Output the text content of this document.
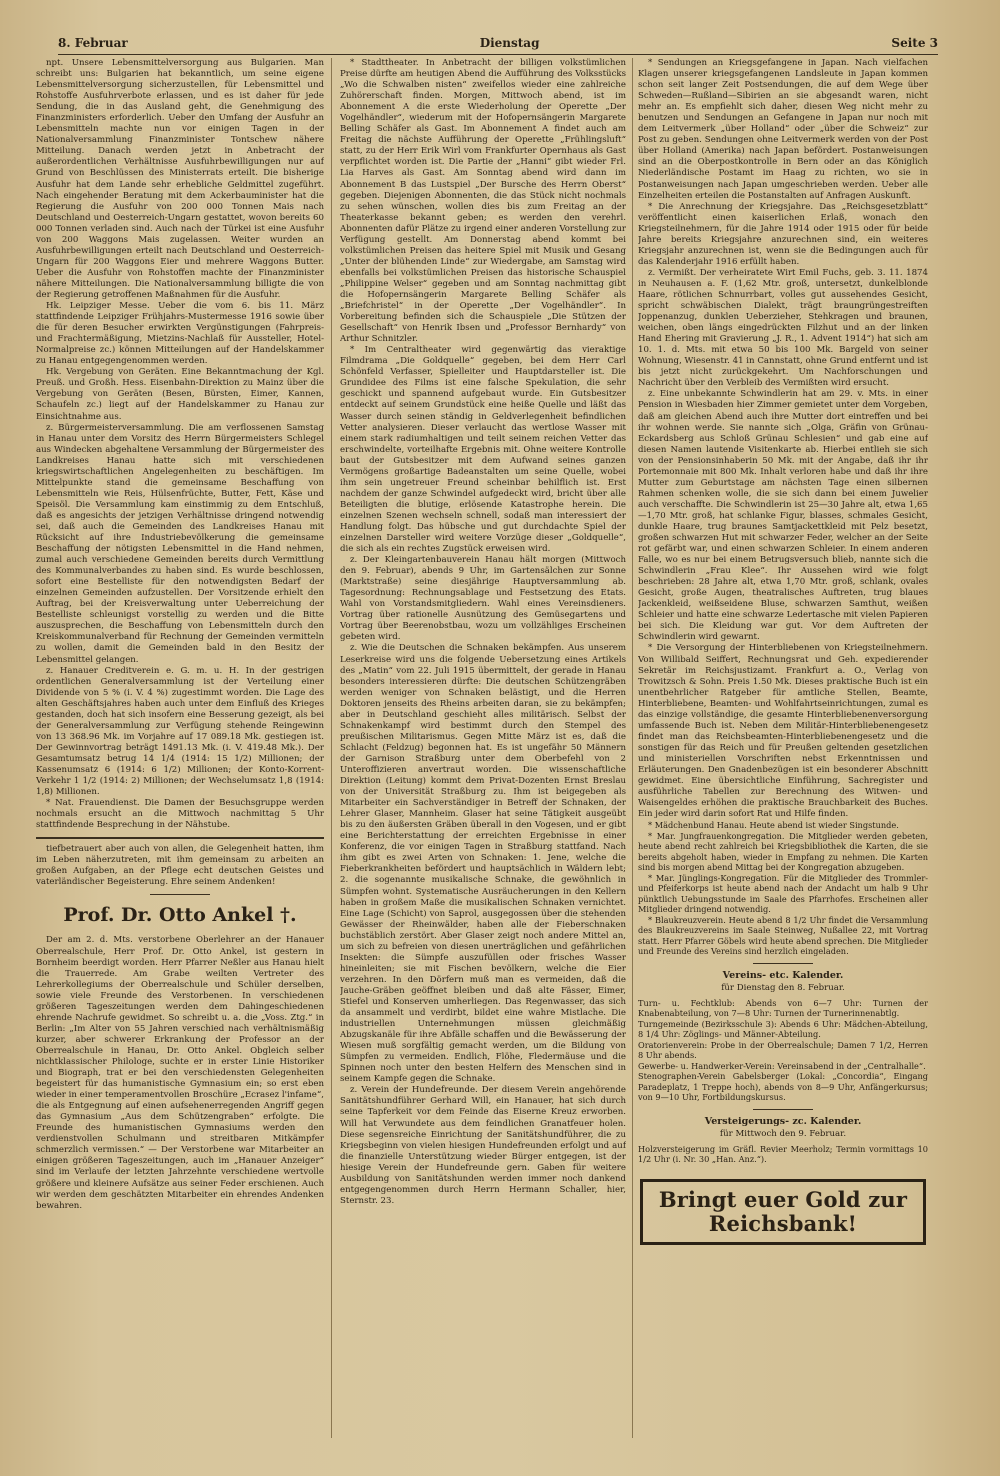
8. Februar	Dienstag	Seite 3

npt. Unsere Lebensmittelversorgung aus Bulgarien. Man schreibt uns: Bulgarien hat bekanntlich, um seine eigene Lebensmittelversorgung sicherzustellen, für Lebensmittel und Rohstoffe Ausfuhrverbote erlassen, und es ist daher für jede Sendung, die in das Ausland geht, die Genehmigung des Finanzministers erforderlich. Ueber den Umfang der Ausfuhr an Lebensmitteln machte nun vor einigen Tagen in der Nationalversammlung Finanzminister Tontschew nähere Mitteilung. Danach werden jetzt in Anbetracht der außerordentlichen Verhältnisse Ausfuhrbewilligungen nur auf Grund von Beschlüssen des Ministerrats erteilt. Die bisherige Ausfuhr hat dem Lande sehr erhebliche Geldmittel zugeführt. Nach eingehender Beratung mit dem Ackerbauminister hat die Regierung die Ausfuhr von 200 000 Tonnen Mais nach Deutschland und Oesterreich-Ungarn gestattet, wovon bereits 60 000 Tonnen verladen sind. Auch nach der Türkei ist eine Ausfuhr von 200 Waggons Mais zugelassen. Weiter wurden an Ausfuhrbewilligungen erteilt nach Deutschland und Oesterreich-Ungarn für 200 Waggons Eier und mehrere Waggons Butter. Ueber die Ausfuhr von Rohstoffen machte der Finanzminister nähere Mitteilungen. Die Nationalversammlung billigte die von der Regierung getroffenen Maßnahmen für die Ausfuhr.

Hk. Leipziger Messe. Ueber die vom 6. bis 11. März stattfindende Leipziger Frühjahrs-Mustermesse 1916 sowie über die für deren Besucher erwirkten Vergünstigungen (Fahrpreis- und Frachtermäßigung, Mietzins-Nachlaß für Aussteller, Hotel-Normalpreise zc.) können Mitteilungen auf der Handelskammer zu Hanau entgegengenommen werden.

Hk. Vergebung von Geräten. Eine Bekanntmachung der Kgl. Preuß. und Großh. Hess. Eisenbahn-Direktion zu Mainz über die Vergebung von Geräten (Besen, Bürsten, Eimer, Kannen, Schaufeln zc.) liegt auf der Handelskammer zu Hanau zur Einsichtnahme aus.

z. Bürgermeisterversammlung. Die am verflossenen Samstag in Hanau unter dem Vorsitz des Herrn Bürgermeisters Schlegel aus Windecken abgehaltene Versammlung der Bürgermeister des Landkreises Hanau hatte sich mit verschiedenen kriegswirtschaftlichen Angelegenheiten zu beschäftigen. Im Mittelpunkte stand die gemeinsame Beschaffung von Lebensmitteln wie Reis, Hülsenfrüchte, Butter, Fett, Käse und Speisöl. Die Versammlung kam einstimmig zu dem Entschluß, daß es angesichts der jetzigen Verhältnisse dringend notwendig sei, daß auch die Gemeinden des Landkreises Hanau mit Rücksicht auf ihre Industriebevölkerung die gemeinsame Beschaffung der nötigsten Lebensmittel in die Hand nehmen, zumal auch verschiedene Gemeinden bereits durch Vermittlung des Kommunalverbandes zu haben sind. Es wurde beschlossen, sofort eine Bestelliste für den notwendigsten Bedarf der einzelnen Gemeinden aufzustellen. Der Vorsitzende erhielt den Auftrag, bei der Kreisverwaltung unter Ueberreichung der Bestelliste schleunigst vorstellig zu werden und die Bitte auszusprechen, die Beschaffung von Lebensmitteln durch den Kreiskommunalverband für Rechnung der Gemeinden vermitteln zu wollen, damit die Gemeinden bald in den Besitz der Lebensmittel gelangen.

z. Hanauer Creditverein e. G. m. u. H. In der gestrigen ordentlichen Generalversammlung ist der Verteilung einer Dividende von 5 % (i. V. 4 %) zugestimmt worden. Die Lage des alten Geschäftsjahres haben auch unter dem Einfluß des Krieges gestanden, doch hat sich insofern eine Besserung gezeigt, als bei der Generalversammlung zur Verfügung stehende Reingewinn von 13 368.96 Mk. im Vorjahre auf 17 089.18 Mk. gestiegen ist. Der Gewinnvortrag beträgt 1491.13 Mk. (i. V. 419.48 Mk.). Der Gesamtumsatz betrug 14 1/4 (1914: 15 1/2) Millionen; der Kassenumsatz 6 (1914: 6 1/2) Millionen; der Konto-Korrent-Verkehr 1 1/2 (1914: 2) Millionen; der Wechselumsatz 1,8 (1914: 1,8) Millionen.

* Nat. Frauendienst. Die Damen der Besuchsgruppe werden nochmals ersucht an die Mittwoch nachmittag 5 Uhr stattfindende Besprechung in der Nähstube.

tiefbetrauert aber auch von allen, die Gelegenheit hatten, ihm im Leben näherzutreten, mit ihm gemeinsam zu arbeiten an großen Aufgaben, an der Pflege echt deutschen Geistes und vaterländischer Begeisterung. Ehre seinem Andenken!

Prof. Dr. Otto Ankel †.

Der am 2. d. Mts. verstorbene Oberlehrer an der Hanauer Oberrealschule, Herr Prof. Dr. Otto Ankel, ist gestern in Bornheim beerdigt worden. Herr Pfarrer Neßler aus Hanau hielt die Trauerrede. Am Grabe weilten Vertreter des Lehrerkollegiums der Oberrealschule und Schüler derselben, sowie viele Freunde des Verstorbenen. In verschiedenen größeren Tageszeitungen werden dem Dahingeschiedenen ehrende Nachrufe gewidmet. So schreibt u. a. die „Voss. Ztg.“ in Berlin: „Im Alter von 55 Jahren verschied nach verhältnismäßig kurzer, aber schwerer Erkrankung der Professor an der Oberrealschule in Hanau, Dr. Otto Ankel. Obgleich selber nichtklassischer Philologe, suchte er in erster Linie Historiker und Biograph, trat er bei den verschiedensten Gelegenheiten begeistert für das humanistische Gymnasium ein; so erst eben wieder in einer temperamentvollen Broschüre „Ecrasez l'infame“, die als Entgegnung auf einen aufsehenerregenden Angriff gegen das Gymnasium „Aus dem Schützengraben“ erfolgte. Die Freunde des humanistischen Gymnasiums werden den verdienstvollen Schulmann und streitbaren Mitkämpfer schmerzlich vermissen.“ — Der Verstorbene war Mitarbeiter an einigen größeren Tageszeitungen, auch im „Hanauer Anzeiger“ sind im Verlaufe der letzten Jahrzehnte verschiedene wertvolle größere und kleinere Aufsätze aus seiner Feder erschienen. Auch wir werden dem geschätzten Mitarbeiter ein ehrendes Andenken bewahren.

* Stadttheater. In Anbetracht der billigen volkstümlichen Preise dürfte am heutigen Abend die Aufführung des Volksstücks „Wo die Schwalben nisten“ zweifellos wieder eine zahlreiche Zuhörerschaft finden. Morgen, Mittwoch abend, ist im Abonnement A die erste Wiederholung der Operette „Der Vogelhändler“, wiederum mit der Hofopernsängerin Margarete Belling Schäfer als Gast. Im Abonnement A findet auch am Freitag die nächste Aufführung der Operette „Frühlingsluft“ statt, zu der Herr Erik Wirl vom Frankfurter Opernhaus als Gast verpflichtet worden ist. Die Partie der „Hanni“ gibt wieder Frl. Lia Harves als Gast. Am Sonntag abend wird dann im Abonnement B das Lustspiel „Der Bursche des Herrn Oberst“ gegeben. Diejenigen Abonnenten, die das Stück nicht nochmals zu sehen wünschen, wollen dies bis zum Freitag an der Theaterkasse bekannt geben; es werden den verehrl. Abonnenten dafür Plätze zu irgend einer anderen Vorstellung zur Verfügung gestellt. Am Donnerstag abend kommt bei volkstümlichen Preisen das heitere Spiel mit Musik und Gesang „Unter der blühenden Linde“ zur Wiedergabe, am Samstag wird ebenfalls bei volkstümlichen Preisen das historische Schauspiel „Philippine Welser“ gegeben und am Sonntag nachmittag gibt die Hofopernsängerin Margarete Belling Schäfer als „Briefchristel“ in der Operette „Der Vogelhändler“. In Vorbereitung befinden sich die Schauspiele „Die Stützen der Gesellschaft“ von Henrik Ibsen und „Professor Bernhardy“ von Arthur Schnitzler.

* Im Centraltheater wird gegenwärtig das vieraktige Filmdrama „Die Goldquelle“ gegeben, bei dem Herr Carl Schönfeld Verfasser, Spielleiter und Hauptdarsteller ist. Die Grundidee des Films ist eine falsche Spekulation, die sehr geschickt und spannend aufgebaut wurde. Ein Gutsbesitzer entdeckt auf seinem Grundstück eine heiße Quelle und läßt das Wasser durch seinen ständig in Geldverlegenheit befindlichen Vetter analysieren. Dieser verlaucht das wertlose Wasser mit einem stark radiumhaltigen und teilt seinem reichen Vetter das erschwindelte, vorteilhafte Ergebnis mit. Ohne weitere Kontrolle baut der Gutsbesitzer mit dem Aufwand seines ganzen Vermögens großartige Badeanstalten um seine Quelle, wobei ihm sein ungetreuer Freund scheinbar behilflich ist. Erst nachdem der ganze Schwindel aufgedeckt wird, bricht über alle Beteiligten die blutige, erlösende Katastrophe herein. Die einzelnen Szenen wechseln schnell, sodaß man interessiert der Handlung folgt. Das hübsche und gut durchdachte Spiel der einzelnen Darsteller wird weitere Vorzüge dieser „Goldquelle“, die sich als ein rechtes Zugstück erweisen wird.

z. Der Kleingartenbauverein Hanau hält morgen (Mittwoch den 9. Februar), abends 9 Uhr, im Gartensälchen zur Sonne (Marktstraße) seine diesjährige Hauptversammlung ab. Tagesordnung: Rechnungsablage und Festsetzung des Etats. Wahl von Vorstandsmitgliedern. Wahl eines Vereinsdieners. Vortrag über rationelle Ausnützung des Gemüsegartens und Vortrag über Beerenobstbau, wozu um vollzähliges Erscheinen gebeten wird.

z. Wie die Deutschen die Schnaken bekämpfen. Aus unserem Leserkreise wird uns die folgende Uebersetzung eines Artikels des „Matin“ vom 22. Juli 1915 übermittelt, der gerade in Hanau besonders interessieren dürfte: Die deutschen Schützengräben werden weniger von Schnaken belästigt, und die Herren Doktoren jenseits des Rheins arbeiten daran, sie zu bekämpfen; aber in Deutschland geschieht alles militärisch. Selbst der Schnakenkampf wird bestimmt durch den Stempel des preußischen Militarismus. Gegen Mitte März ist es, daß die Schlacht (Feldzug) begonnen hat. Es ist ungefähr 50 Männern der Garnison Straßburg unter dem Oberbefehl von 2 Unteroffizieren anvertraut worden. Die wissenschaftliche Direktion (Leitung) kommt dem Privat-Dozenten Ernst Breslau von der Universität Straßburg zu. Ihm ist beigegeben als Mitarbeiter ein Sachverständiger in Betreff der Schnaken, der Lehrer Glaser, Mannheim. Glaser hat seine Tätigkeit ausgeübt bis zu den äußersten Gräben überall in den Vogesen, und er gibt eine Berichterstattung der erreichten Ergebnisse in einer Konferenz, die vor einigen Tagen in Straßburg stattfand. Nach ihm gibt es zwei Arten von Schnaken: 1. Jene, welche die Fieberkrankheiten befördert und hauptsächlich in Wäldern lebt; 2. die sogenannte musikalische Schnake, die gewöhnlich in Sümpfen wohnt. Systematische Ausräucherungen in den Kellern haben in großem Maße die musikalischen Schnaken vernichtet. Eine Lage (Schicht) von Saprol, ausgegossen über die stehenden Gewässer der Rheinwälder, haben alle der Fieberschnaken buchstäblich zerstört. Aber Glaser zeigt noch andere Mittel an, um sich zu befreien von diesen unerträglichen und gefährlichen Insekten: die Sümpfe auszufüllen oder frisches Wasser hineinleiten; sie mit Fischen bevölkern, welche die Eier verzehren. In den Dörfern muß man es vermeiden, daß die Jauche-Gräben geöffnet bleiben und daß alte Fässer, Eimer, Stiefel und Konserven umherliegen. Das Regenwasser, das sich da ansammelt und verdirbt, bildet eine wahre Mistlache. Die industriellen Unternehmungen müssen gleichmäßig Abzugskanäle für ihre Abfälle schaffen und die Bewässerung der Wiesen muß sorgfältig gemacht werden, um die Bildung von Sümpfen zu vermeiden. Endlich, Flöhe, Fledermäuse und die Spinnen noch unter den besten Helfern des Menschen sind in seinem Kampfe gegen die Schnake.

z. Verein der Hundefreunde. Der diesem Verein angehörende Sanitätshundführer Gerhard Will, ein Hanauer, hat sich durch seine Tapferkeit vor dem Feinde das Eiserne Kreuz erworben. Will hat Verwundete aus dem feindlichen Granatfeuer holen. Diese segensreiche Einrichtung der Sanitätshundführer, die zu Kriegsbeginn von vielen hiesigen Hundefreunden erfolgt und auf die finanzielle Unterstützung wieder Bürger entgegen, ist der hiesige Verein der Hundefreunde gern. Gaben für weitere Ausbildung von Sanitätshunden werden immer noch dankend entgegengenommen durch Herrn Hermann Schaller, hier, Sternstr. 23.

* Sendungen an Kriegsgefangene in Japan. Nach vielfachen Klagen unserer kriegsgefangenen Landsleute in Japan kommen schon seit langer Zeit Postsendungen, die auf dem Wege über Schweden—Rußland—Sibirien an sie abgesandt waren, nicht mehr an. Es empfiehlt sich daher, diesen Weg nicht mehr zu benutzen und Sendungen an Gefangene in Japan nur noch mit dem Leitvermerk „über Holland“ oder „über die Schweiz“ zur Post zu geben. Sendungen ohne Leitvermerk werden von der Post über Holland (Amerika) nach Japan befördert. Postanweisungen sind an die Oberpostkontrolle in Bern oder an das Königlich Niederländische Postamt im Haag zu richten, wo sie in Postanweisungen nach Japan umgeschrieben werden. Ueber alle Einzelheiten erteilen die Postanstalten auf Anfragen Auskunft.

* Die Anrechnung der Kriegsjahre. Das „Reichsgesetzblatt“ veröffentlicht einen kaiserlichen Erlaß, wonach den Kriegsteilnehmern, für die Jahre 1914 oder 1915 oder für beide Jahre bereits Kriegsjahre anzurechnen sind, ein weiteres Kriegsjahr anzurechnen ist, wenn sie die Bedingungen auch für das Kalenderjahr 1916 erfüllt haben.

z. Vermißt. Der verheiratete Wirt Emil Fuchs, geb. 3. 11. 1874 in Neuhausen a. F. (1,62 Mtr. groß, untersetzt, dunkelblonde Haare, rötlichen Schnurrbart, volles gut aussehendes Gesicht, spricht schwäbischen Dialekt, trägt braungrüngestreiften Joppenanzug, dunklen Ueberzieher, Stehkragen und braunen, weichen, oben längs eingedrückten Filzhut und an der linken Hand Ehering mit Gravierung „J. R., 1. Advent 1914“) hat sich am 10. 1. d. Mts. mit etwa 50 bis 100 Mk. Bargeld von seiner Wohnung, Wiesenstr. 41 in Cannstatt, ohne Grund entfernt und ist bis jetzt nicht zurückgekehrt. Um Nachforschungen und Nachricht über den Verbleib des Vermißten wird ersucht.

z. Eine unbekannte Schwindlerin hat am 29. v. Mts. in einer Pension in Wiesbaden hier Zimmer gemietet unter dem Vorgeben, daß am gleichen Abend auch ihre Mutter dort eintreffen und bei ihr wohnen werde. Sie nannte sich „Olga, Gräfin von Grünau-Eckardsberg aus Schloß Grünau Schlesien“ und gab eine auf diesen Namen lautende Visitenkarte ab. Hierbei entlieh sie sich von der Pensionsinhaberin 50 Mk. mit der Angabe, daß ihr ihr Portemonnaie mit 800 Mk. Inhalt verloren habe und daß ihr ihre Mutter zum Geburtstage am nächsten Tage einen silbernen Rahmen schenken wolle, die sie sich dann bei einem Juwelier auch verschaffte. Die Schwindlerin ist 25—30 Jahre alt, etwa 1,65—1,70 Mtr. groß, hat schlanke Figur, blasses, schmales Gesicht, dunkle Haare, trug braunes Samtjackettkleid mit Pelz besetzt, großen schwarzen Hut mit schwarzer Feder, welcher an der Seite rot gefärbt war, und einen schwarzen Schleier. In einem anderen Falle, wo es nur bei einem Betrugsversuch blieb, nannte sich die Schwindlerin „Frau Klee“. Ihr Aussehen wird wie folgt beschrieben: 28 Jahre alt, etwa 1,70 Mtr. groß, schlank, ovales Gesicht, große Augen, theatralisches Auftreten, trug blaues Jackenkleid, weißseidene Bluse, schwarzen Samthut, weißen Schleier und hatte eine schwarze Ledertasche mit vielen Papieren bei sich. Die Kleidung war gut. Vor dem Auftreten der Schwindlerin wird gewarnt.

* Die Versorgung der Hinterbliebenen von Kriegsteilnehmern. Von Willibald Seiffert, Rechnungsrat und Geh. expedierender Sekretär im Reichsjustizamt. Frankfurt a. O., Verlag von Trowitzsch & Sohn. Preis 1.50 Mk. Dieses praktische Buch ist ein unentbehrlicher Ratgeber für amtliche Stellen, Beamte, Hinterbliebene, Beamten- und Wohlfahrtseinrichtungen, zumal es das einzige vollständige, die gesamte Hinterbliebenenversorgung umfassende Buch ist. Neben dem Militär-Hinterbliebenengesetz findet man das Reichsbeamten-Hinterbliebenengesetz und die sonstigen für das Reich und für Preußen geltenden gesetzlichen und ministeriellen Vorschriften nebst Erkenntnissen und Erläuterungen. Den Gnadenbezügen ist ein besonderer Abschnitt gewidmet. Eine übersichtliche Einführung, Sachregister und ausführliche Tabellen zur Berechnung des Witwen- und Waisengeldes erhöhen die praktische Brauchbarkeit des Buches. Ein jeder wird darin sofort Rat und Hilfe finden.

* Mädchenbund Hanau. Heute abend ist wieder Singstunde.

* Mar. Jungfrauenkongregation. Die Mitglieder werden gebeten, heute abend recht zahlreich bei Kriegsbibliothek die Karten, die sie bereits abgeholt haben, wieder in Empfang zu nehmen. Die Karten sind bis morgen abend Mittag bei der Kongregation abzugeben.

* Mar. Jünglings-Kongregation. Für die Mitglieder des Trommler- und Pfeiferkorps ist heute abend nach der Andacht um halb 9 Uhr pünktlich Uebungsstunde im Saale des Pfarrhofes. Erscheinen aller Mitglieder dringend notwendig.

* Blaukreuzverein. Heute abend 8 1/2 Uhr findet die Versammlung des Blaukreuzvereins im Saale Steinweg, Nußallee 22, mit Vortrag statt. Herr Pfarrer Göbels wird heute abend sprechen. Die Mitglieder und Freunde des Vereins sind herzlich eingeladen.

Vereins- etc. Kalender.
für Dienstag den 8. Februar.

Turn- u. Fechtklub: Abends von 6—7 Uhr: Turnen der Knabenabteilung, von 7—8 Uhr: Turnen der Turnerinnenabtlg.

Turngemeinde (Bezirksschule 3): Abends 6 Uhr: Mädchen-Abteilung, 8 1/4 Uhr: Zöglings- und Männer-Abteilung.

Oratorienverein: Probe in der Oberrealschule; Damen 7 1/2, Herren 8 Uhr abends.

Gewerbe- u. Handwerker-Verein: Vereinsabend in der „Centralhalle“.

Stenographen-Verein Gabelsberger (Lokal: „Concordia“, Eingang Paradeplatz, 1 Treppe hoch), abends von 8—9 Uhr, Anfängerkursus; von 9—10 Uhr, Fortbildungskursus.

Versteigerungs- zc. Kalender.
für Mittwoch den 9. Februar.

Holzversteigerung im Gräfl. Revier Meerholz; Termin vormittags 10 1/2 Uhr (i. Nr. 30 „Han. Anz.“).

Bringt euer Gold zur Reichsbank!
